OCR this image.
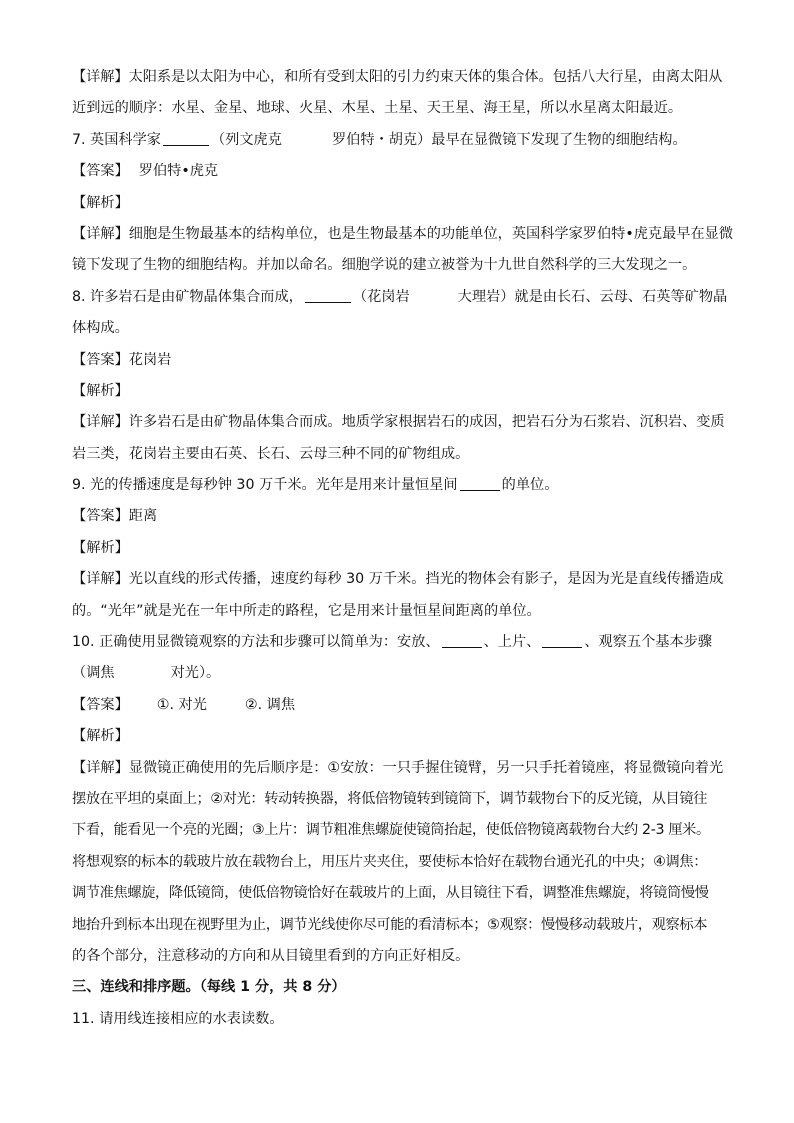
【详解】太阳系是以太阳为中心，和所有受到太阳的引力约束天体的集合体。包括八大行星，由离太阳从
近到远的顺序：水星、金星、地球、火星、木星、土星、天王星、海王星，所以水星离太阳最近。
7. 英国科学家	（列文虎克	罗伯特・胡克）最早在显微镜下发现了生物的细胞结构。
【答案】 罗伯特•虎克
【解析】
【详解】细胞是生物最基本的结构单位，也是生物最基本的功能单位，英国科学家罗伯特•虎克最早在显微
镜下发现了生物的细胞结构。并加以命名。细胞学说的建立被誉为十九世自然科学的三大发现之一。
8. 许多岩石是由矿物晶体集合而成，	（花岗岩	大理岩）就是由长石、云母、石英等矿物晶
体构成。
【答案】花岗岩
【解析】
【详解】许多岩石是由矿物晶体集合而成。地质学家根据岩石的成因，把岩石分为石浆岩、沉积岩、变质
岩三类，花岗岩主要由石英、长石、云母三种不同的矿物组成。
9. 光的传播速度是每秒钟 30 万千米。光年是用来计量恒星间	的单位。
【答案】距离
【解析】
【详解】光以直线的形式传播，速度约每秒 30 万千米。挡光的物体会有影子，是因为光是直线传播造成
的。“光年”就是光在一年中所走的路程，它是用来计量恒星间距离的单位。
10. 正确使用显微镜观察的方法和步骤可以简单为：安放、	、上片、	、观察五个基本步骤
（调焦	对光）。
【答案】 ①. 对光	②. 调焦
【解析】
【详解】显微镜正确使用的先后顺序是：①安放：一只手握住镜臂，另一只手托着镜座，将显微镜向着光
摆放在平坦的桌面上；②对光：转动转换器，将低倍物镜转到镜筒下，调节载物台下的反光镜，从目镜往
下看，能看见一个亮的光圈；③上片：调节粗准焦螺旋使镜筒抬起，使低倍物镜离载物台大约 2-3 厘米。
将想观察的标本的载玻片放在载物台上，用压片夹夹住，要使标本恰好在载物台通光孔的中央；④调焦：
调节准焦螺旋，降低镜筒，使低倍物镜恰好在载玻片的上面，从目镜往下看，调整准焦螺旋，将镜筒慢慢
地抬升到标本出现在视野里为止，调节光线使你尽可能的看清标本；⑤观察：慢慢移动载玻片，观察标本
的各个部分，注意移动的方向和从目镜里看到的方向正好相反。
三、连线和排序题。（每线 1 分，共 8 分）
11. 请用线连接相应的水表读数。
